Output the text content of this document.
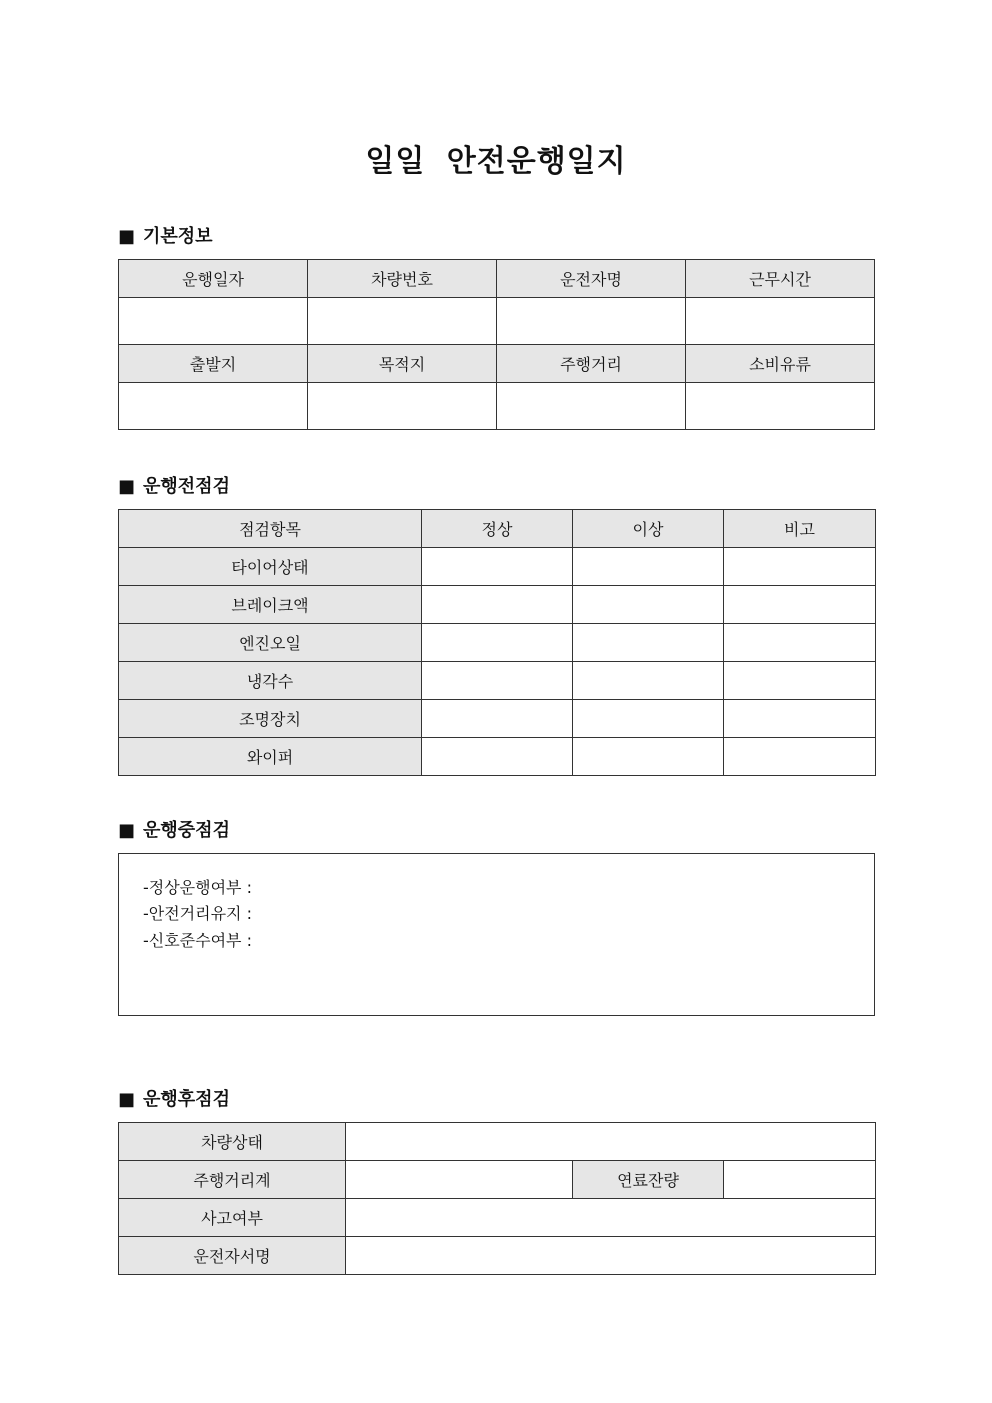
일일 안전운행일지
■ 기본정보
운행일자	차량번호	운전자명	근무시간

출발지	목적지	주행거리	소비유류

■ 운행전점검
점검항목	정상	이상	비고
타이어상태			
브레이크액			
엔진오일			
냉각수			
조명장치			
와이퍼			
■ 운행중점검
-정상운행여부 :
-안전거리유지 :
-신호준수여부 :
■ 운행후점검
차량상태			
주행거리계		연료잔량	
사고여부			
운전자서명			
